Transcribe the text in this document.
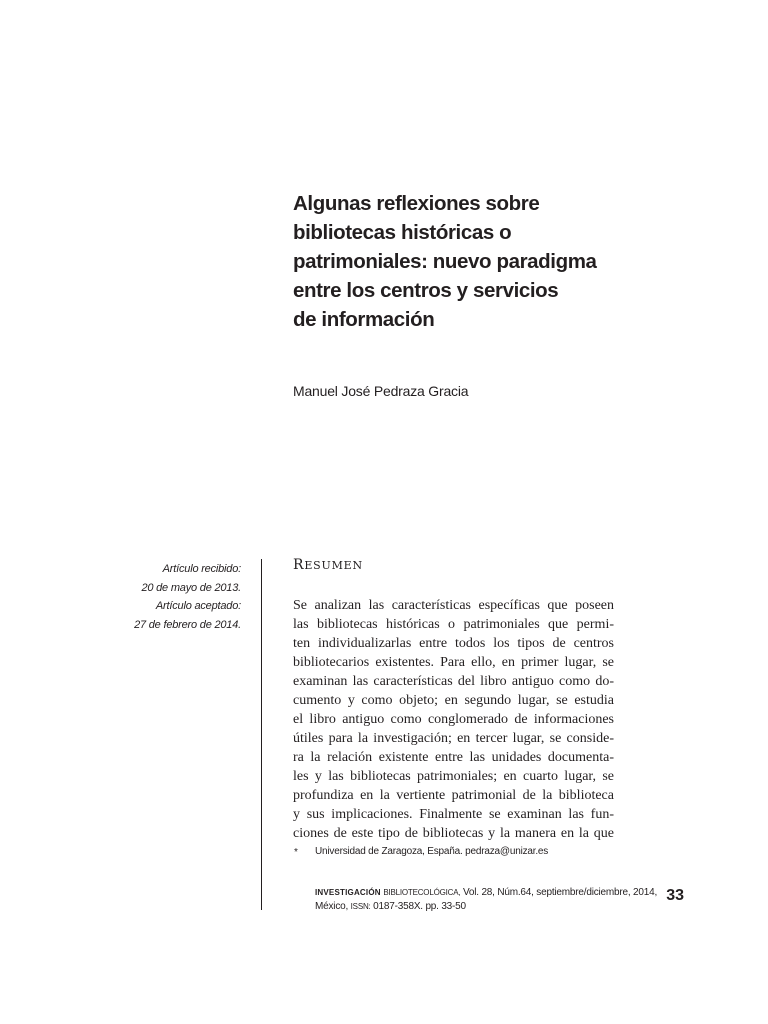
Algunas reflexiones sobre
bibliotecas históricas o
patrimoniales: nuevo paradigma
entre los centros y servicios
de información
Manuel José Pedraza Gracia
Artículo recibido:
20 de mayo de 2013.
Artículo aceptado:
27 de febrero de 2014.
RESUMEN
Se analizan las características específicas que poseen
las bibliotecas históricas o patrimoniales que permi-
ten individualizarlas entre todos los tipos de centros
bibliotecarios existentes. Para ello, en primer lugar, se
examinan las características del libro antiguo como do-
cumento y como objeto; en segundo lugar, se estudia
el libro antiguo como conglomerado de informaciones
útiles para la investigación; en tercer lugar, se conside-
ra la relación existente entre las unidades documenta-
les y las bibliotecas patrimoniales; en cuarto lugar, se
profundiza en la vertiente patrimonial de la biblioteca
y sus implicaciones. Finalmente se examinan las fun-
ciones de este tipo de bibliotecas y la manera en la que
* Universidad de Zaragoza, España. pedraza@unizar.es
INVESTIGACIÓN BIBLIOTECOLÓGICA, Vol. 28, Núm.64, septiembre/diciembre, 2014,
México, ISSN: 0187-358X. pp. 33-50
33
